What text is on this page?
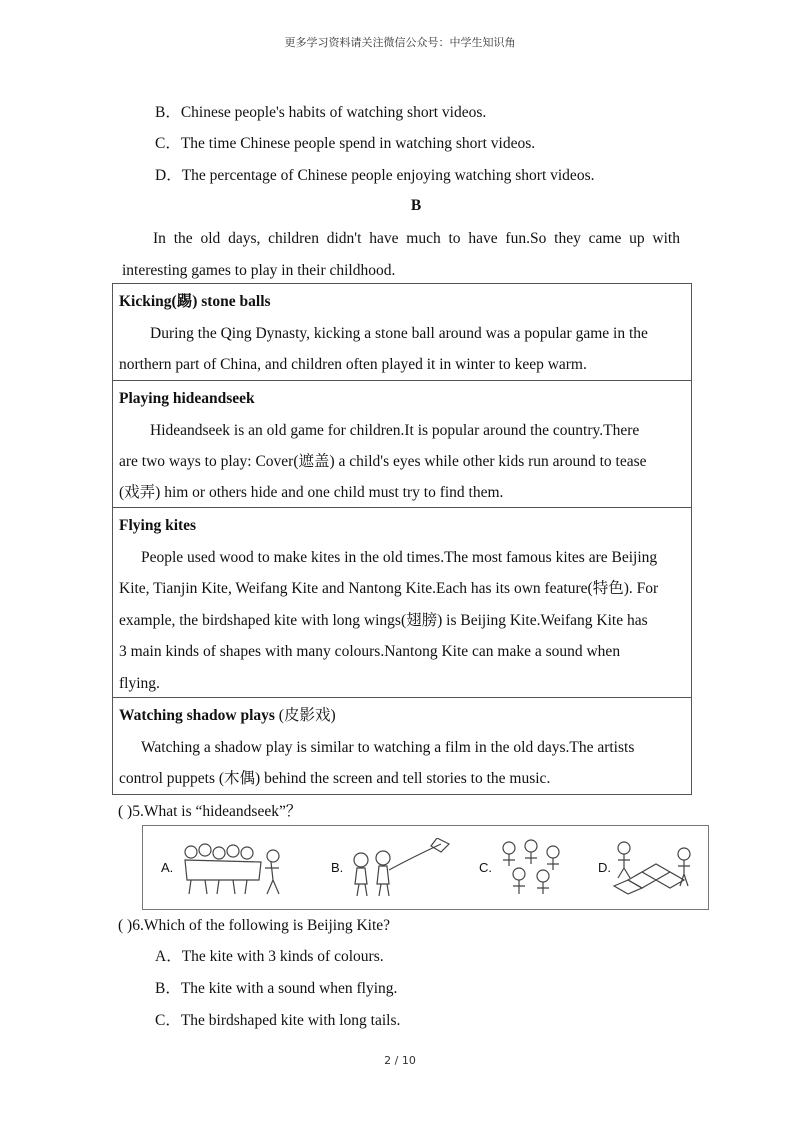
更多学习资料请关注微信公众号：中学生知识角
B．Chinese people's habits of watching short videos.
C．The time Chinese people spend in watching short videos.
D．The percentage of Chinese people enjoying watching short videos.
B
In the old days, children didn't have much to have fun.So they came up with
interesting games to play in their childhood.
Kicking(踢) stone balls
During the Qing Dynasty, kicking a stone ball around was a popular game in the
northern part of China, and children often played it in winter to keep warm.
Playing hideandseek
Hideandseek is an old game for children.It is popular around the country.There
are two ways to play: Cover(遮盖) a child's eyes while other kids run around to tease
(戏弄) him or others hide and one child must try to find them.
Flying kites
People used wood to make kites in the old times.The most famous kites are Beijing
Kite, Tianjin Kite, Weifang Kite and Nantong Kite.Each has its own feature(特色). For
example, the birdshaped kite with long wings(翅膀) is Beijing Kite.Weifang Kite has
3 main kinds of shapes with many colours.Nantong Kite can make a sound when
flying.
Watching shadow plays (皮影戏)
Watching a shadow play is similar to watching a film in the old days.The artists
control puppets (木偶) behind the screen and tell stories to the music.
( )5.What is “hideandseek”？
A.	B.	C.	D.
( )6.Which of the following is Beijing Kite?
A．The kite with 3 kinds of colours.
B．The kite with a sound when flying.
C．The birdshaped kite with long tails.
2 / 10
